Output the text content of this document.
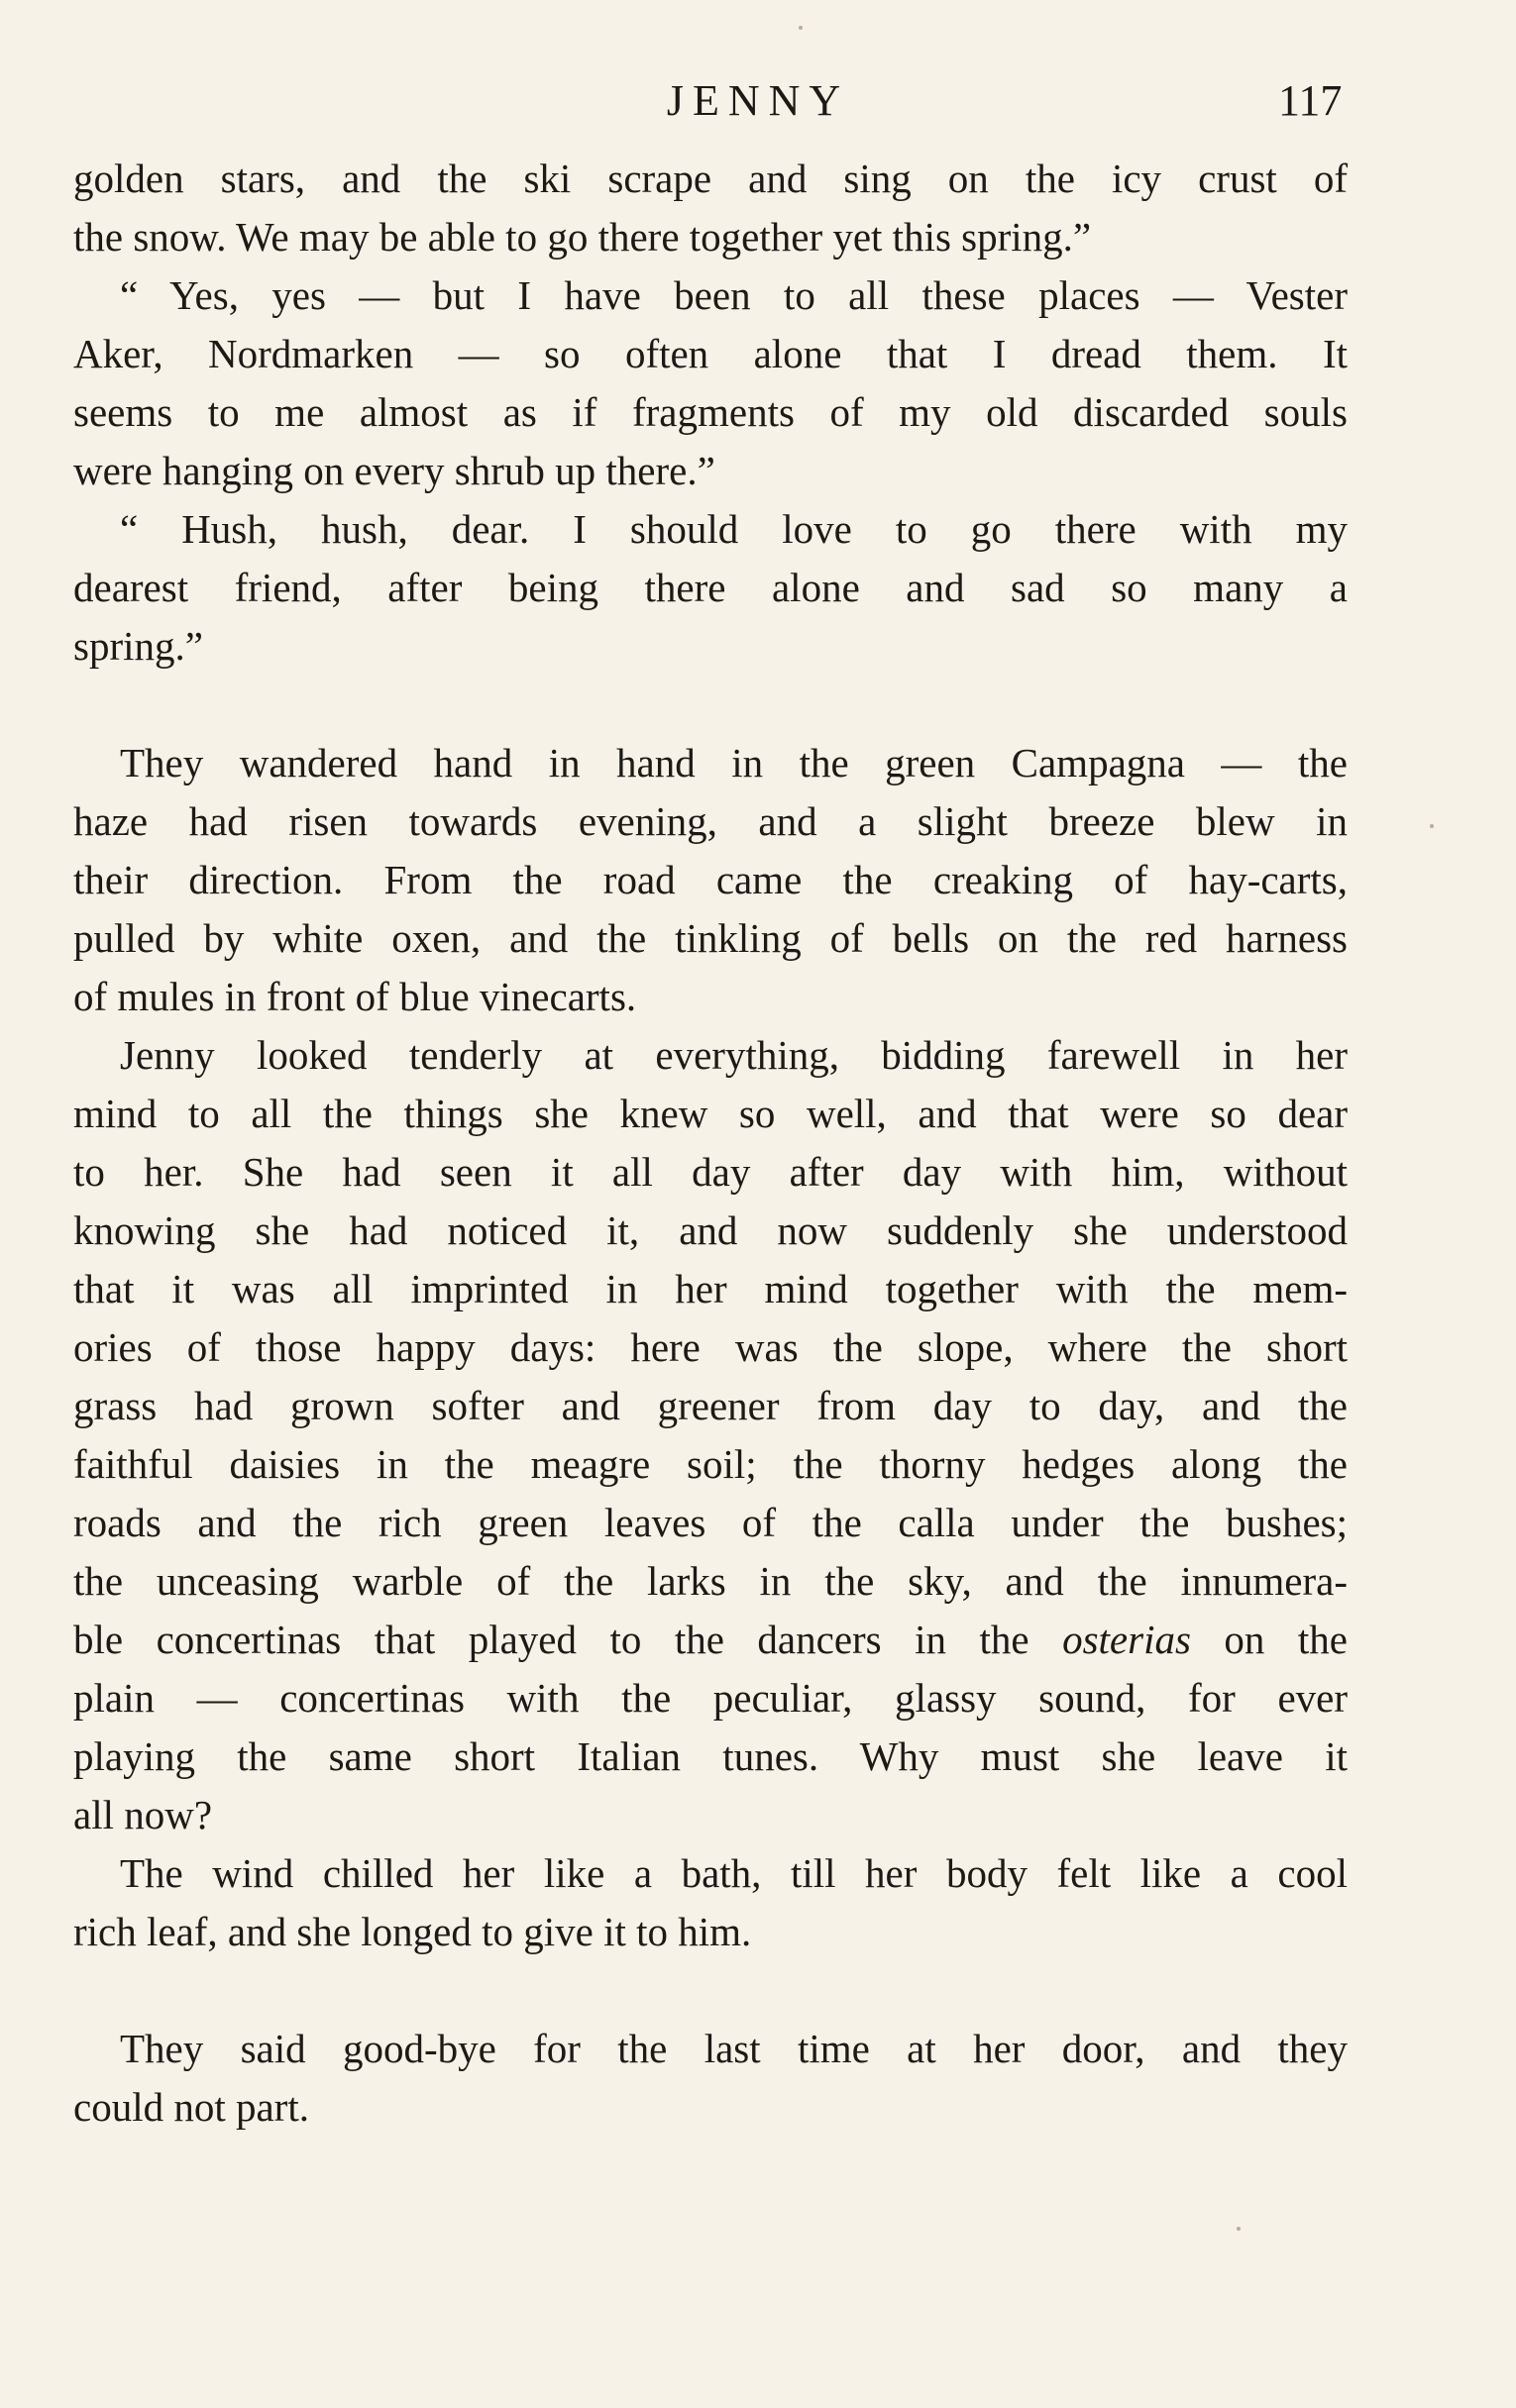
JENNY	117

golden stars, and the ski scrape and sing on the icy crust of
the snow. We may be able to go there together yet this spring.”

“ Yes, yes — but I have been to all these places — Vester
Aker, Nordmarken — so often alone that I dread them. It
seems to me almost as if fragments of my old discarded souls
were hanging on every shrub up there.”

“ Hush, hush, dear. I should love to go there with my
dearest friend, after being there alone and sad so many a
spring.”

They wandered hand in hand in the green Campagna — the
haze had risen towards evening, and a slight breeze blew in
their direction. From the road came the creaking of hay-carts,
pulled by white oxen, and the tinkling of bells on the red harness
of mules in front of blue vinecarts.

Jenny looked tenderly at everything, bidding farewell in her
mind to all the things she knew so well, and that were so dear
to her. She had seen it all day after day with him, without
knowing she had noticed it, and now suddenly she understood
that it was all imprinted in her mind together with the mem-
ories of those happy days: here was the slope, where the short
grass had grown softer and greener from day to day, and the
faithful daisies in the meagre soil; the thorny hedges along the
roads and the rich green leaves of the calla under the bushes;
the unceasing warble of the larks in the sky, and the innumera-
ble concertinas that played to the dancers in the osterias on the
plain — concertinas with the peculiar, glassy sound, for ever
playing the same short Italian tunes. Why must she leave it
all now?

The wind chilled her like a bath, till her body felt like a cool
rich leaf, and she longed to give it to him.

They said good-bye for the last time at her door, and they
could not part.
